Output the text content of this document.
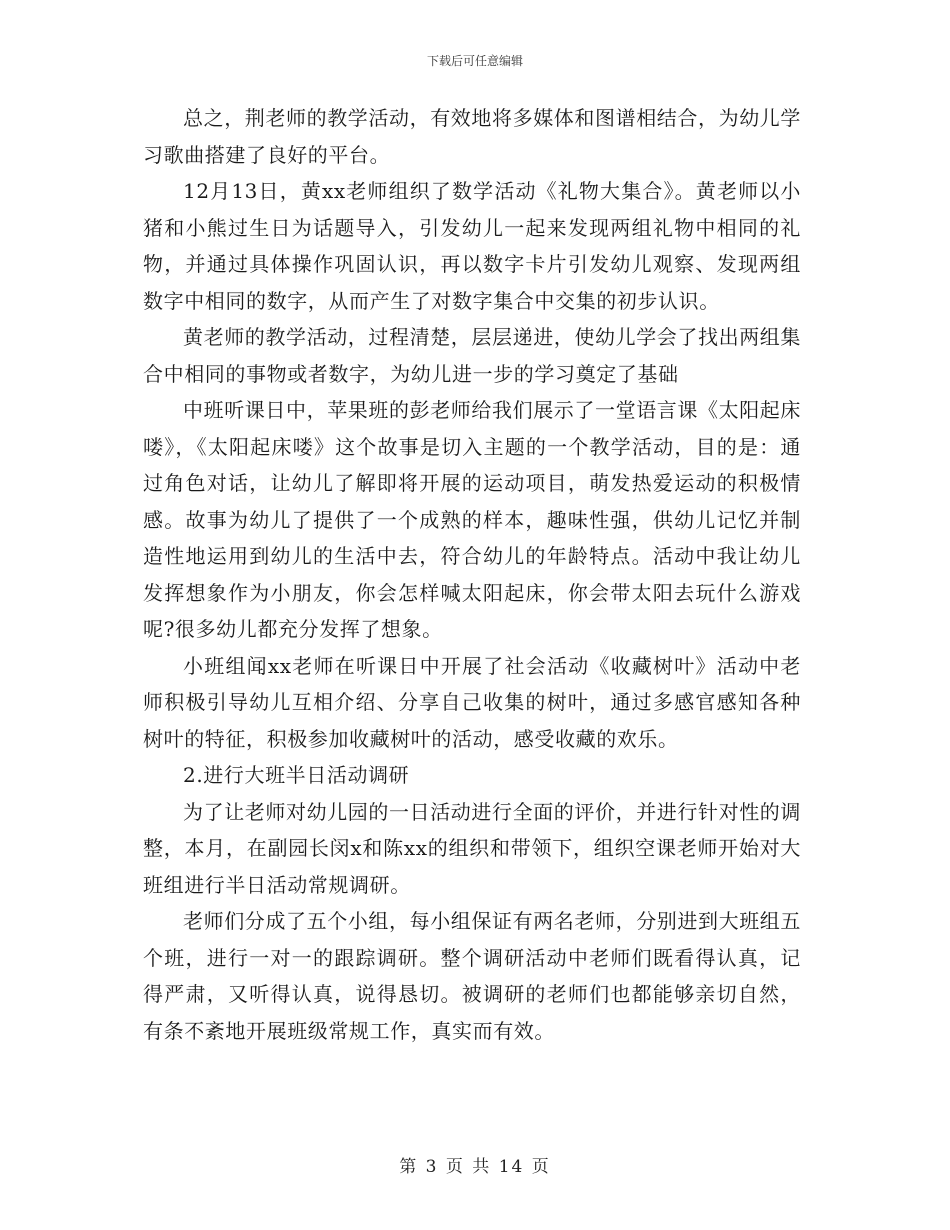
下载后可任意编辑

总之，荆老师的教学活动，有效地将多媒体和图谱相结合，为幼儿学习歌曲搭建了良好的平台。

12月13日，黄xx老师组织了数学活动《礼物大集合》。黄老师以小猪和小熊过生日为话题导入，引发幼儿一起来发现两组礼物中相同的礼物，并通过具体操作巩固认识，再以数字卡片引发幼儿观察、发现两组数字中相同的数字，从而产生了对数字集合中交集的初步认识。

黄老师的教学活动，过程清楚，层层递进，使幼儿学会了找出两组集合中相同的事物或者数字，为幼儿进一步的学习奠定了基础

中班听课日中，苹果班的彭老师给我们展示了一堂语言课《太阳起床喽》，《太阳起床喽》这个故事是切入主题的一个教学活动，目的是：通过角色对话，让幼儿了解即将开展的运动项目，萌发热爱运动的积极情感。故事为幼儿了提供了一个成熟的样本，趣味性强，供幼儿记忆并制造性地运用到幼儿的生活中去，符合幼儿的年龄特点。活动中我让幼儿发挥想象作为小朋友，你会怎样喊太阳起床，你会带太阳去玩什么游戏呢?很多幼儿都充分发挥了想象。

小班组闻xx老师在听课日中开展了社会活动《收藏树叶》活动中老师积极引导幼儿互相介绍、分享自己收集的树叶，通过多感官感知各种树叶的特征，积极参加收藏树叶的活动，感受收藏的欢乐。

2.进行大班半日活动调研

为了让老师对幼儿园的一日活动进行全面的评价，并进行针对性的调整，本月，在副园长闵x和陈xx的组织和带领下，组织空课老师开始对大班组进行半日活动常规调研。

老师们分成了五个小组，每小组保证有两名老师，分别进到大班组五个班，进行一对一的跟踪调研。整个调研活动中老师们既看得认真，记得严肃，又听得认真，说得恳切。被调研的老师们也都能够亲切自然，有条不紊地开展班级常规工作，真实而有效。

第 3 页 共 14 页
